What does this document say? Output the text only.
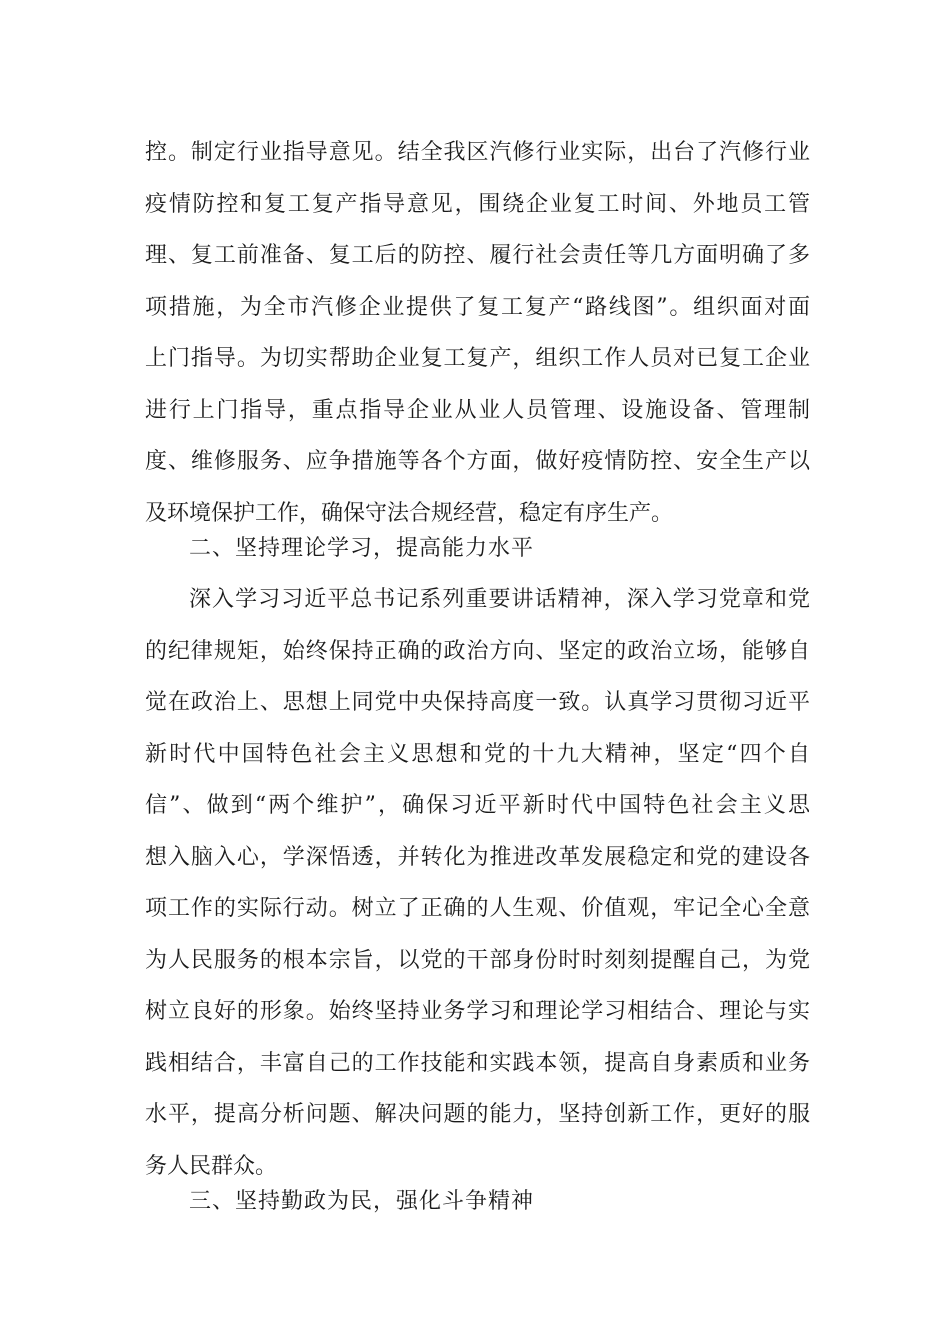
控。制定行业指导意见。结全我区汽修行业实际，出台了汽修行业
疫情防控和复工复产指导意见，围绕企业复工时间、外地员工管
理、复工前准备、复工后的防控、履行社会责任等几方面明确了多
项措施，为全市汽修企业提供了复工复产“路线图”。组织面对面
上门指导。为切实帮助企业复工复产，组织工作人员对已复工企业
进行上门指导，重点指导企业从业人员管理、设施设备、管理制
度、维修服务、应争措施等各个方面，做好疫情防控、安全生产以
及环境保护工作，确保守法合规经营，稳定有序生产。
二、坚持理论学习，提高能力水平
深入学习习近平总书记系列重要讲话精神，深入学习党章和党
的纪律规矩，始终保持正确的政治方向、坚定的政治立场，能够自
觉在政治上、思想上同党中央保持高度一致。认真学习贯彻习近平
新时代中国特色社会主义思想和党的十九大精神，坚定“四个自
信”、做到“两个维护”，确保习近平新时代中国特色社会主义思
想入脑入心，学深悟透，并转化为推进改革发展稳定和党的建设各
项工作的实际行动。树立了正确的人生观、价值观，牢记全心全意
为人民服务的根本宗旨，以党的干部身份时时刻刻提醒自己，为党
树立良好的形象。始终坚持业务学习和理论学习相结合、理论与实
践相结合，丰富自己的工作技能和实践本领，提高自身素质和业务
水平，提高分析问题、解决问题的能力，坚持创新工作，更好的服
务人民群众。
三、坚持勤政为民，强化斗争精神
